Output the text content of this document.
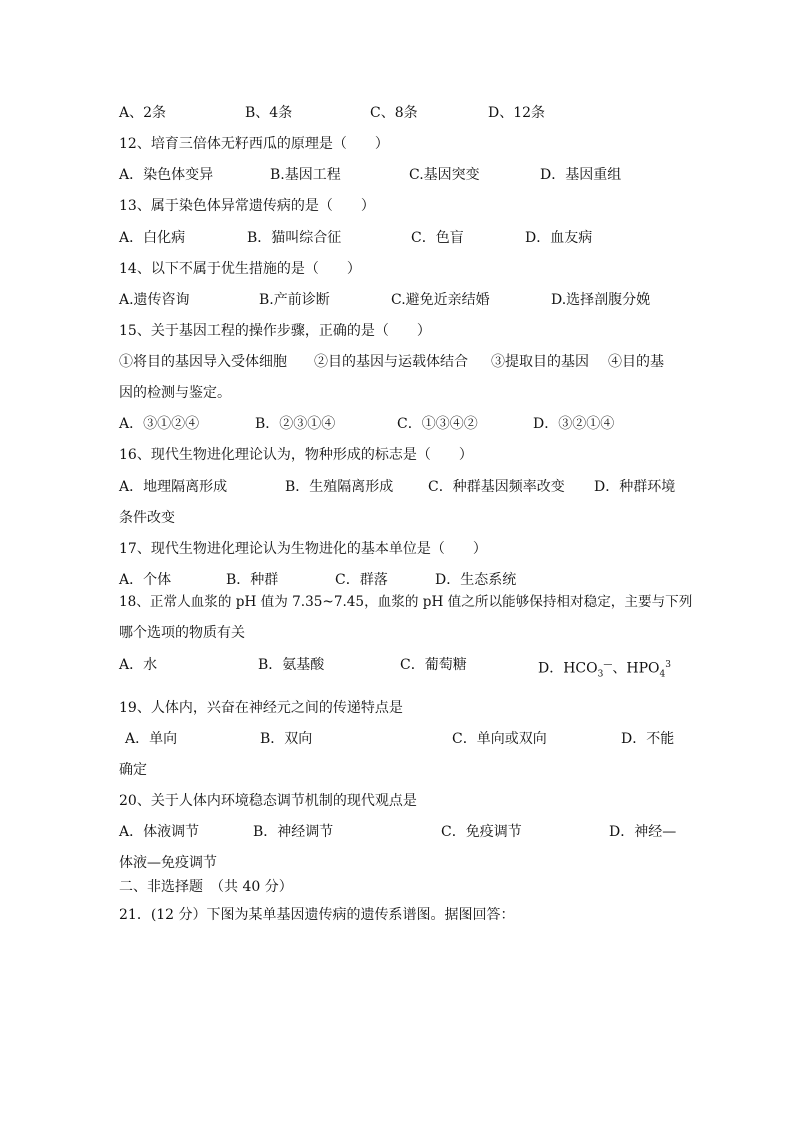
A、2条	B、4条	C、8条	D、12条
12、培育三倍体无籽西瓜的原理是（　　）
A．染色体变异	B.基因工程	C.基因突变	D．基因重组
13、属于染色体异常遗传病的是（　　）
A．白化病	B．猫叫综合征	C．色盲	D．血友病
14、以下不属于优生措施的是（　　）
A.遗传咨询	B.产前诊断	C.避免近亲结婚	D.选择剖腹分娩
15、关于基因工程的操作步骤，正确的是（　　）
①将目的基因导入受体细胞 ②目的基因与运载体结合 ③提取目的基因 ④目的基
因的检测与鉴定。
A．③①②④	B．②③①④	C．①③④②	D．③②①④
16、现代生物进化理论认为，物种形成的标志是（　　）
A．地理隔离形成	B．生殖隔离形成 C．种群基因频率改变 D．种群环境
条件改变
17、现代生物进化理论认为生物进化的基本单位是（　　）
A．个体	B．种群	C．群落	D．生态系统
18、正常人血浆的 pH 值为 7.35~7.45，血浆的 pH 值之所以能够保持相对稳定，主要与下列
哪个选项的物质有关
A．水	B．氨基酸	C．葡萄糖	D．$HCO_3^—$、$HPO_4^3$
19、人体内，兴奋在神经元之间的传递特点是
A．单向	B．双向	C．单向或双向	D．不能
确定
20、关于人体内环境稳态调节机制的现代观点是
A．体液调节	B．神经调节	C．免疫调节	D．神经—
体液—免疫调节
二、非选择题　（共 40 分）
21．(12 分）下图为某单基因遗传病的遗传系谱图。据图回答：
